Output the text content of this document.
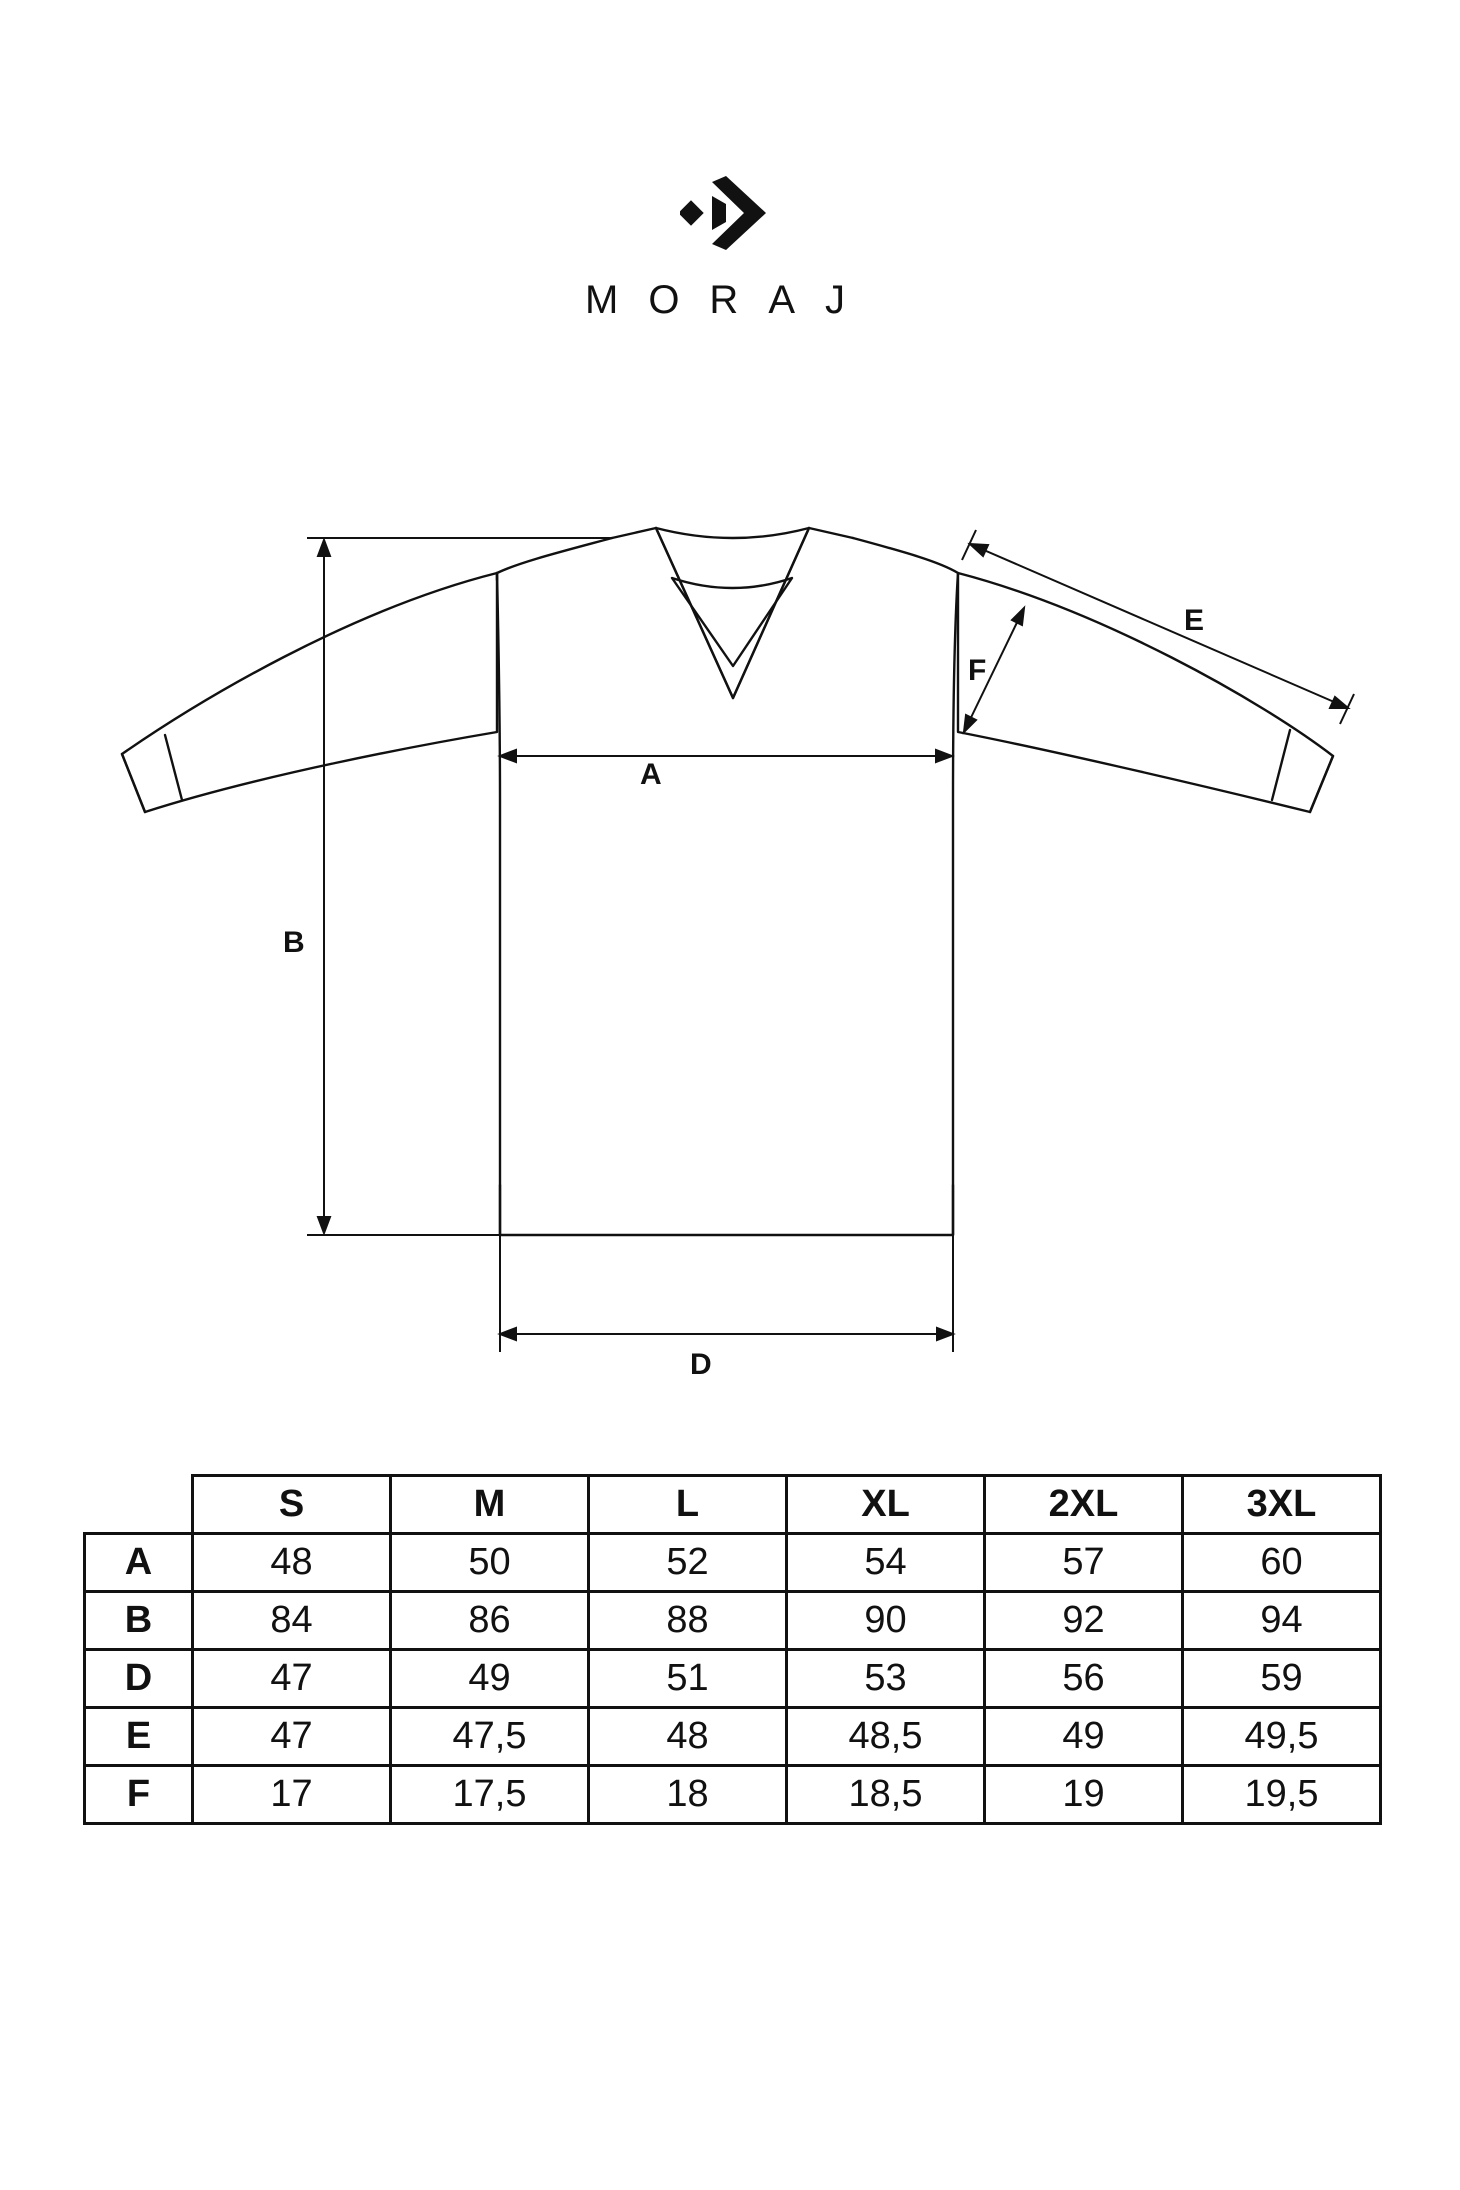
MORAJ
A
B
D
E
F
	S	M	L	XL	2XL	3XL
A	48	50	52	54	57	60
B	84	86	88	90	92	94
D	47	49	51	53	56	59
E	47	47,5	48	48,5	49	49,5
F	17	17,5	18	18,5	19	19,5
